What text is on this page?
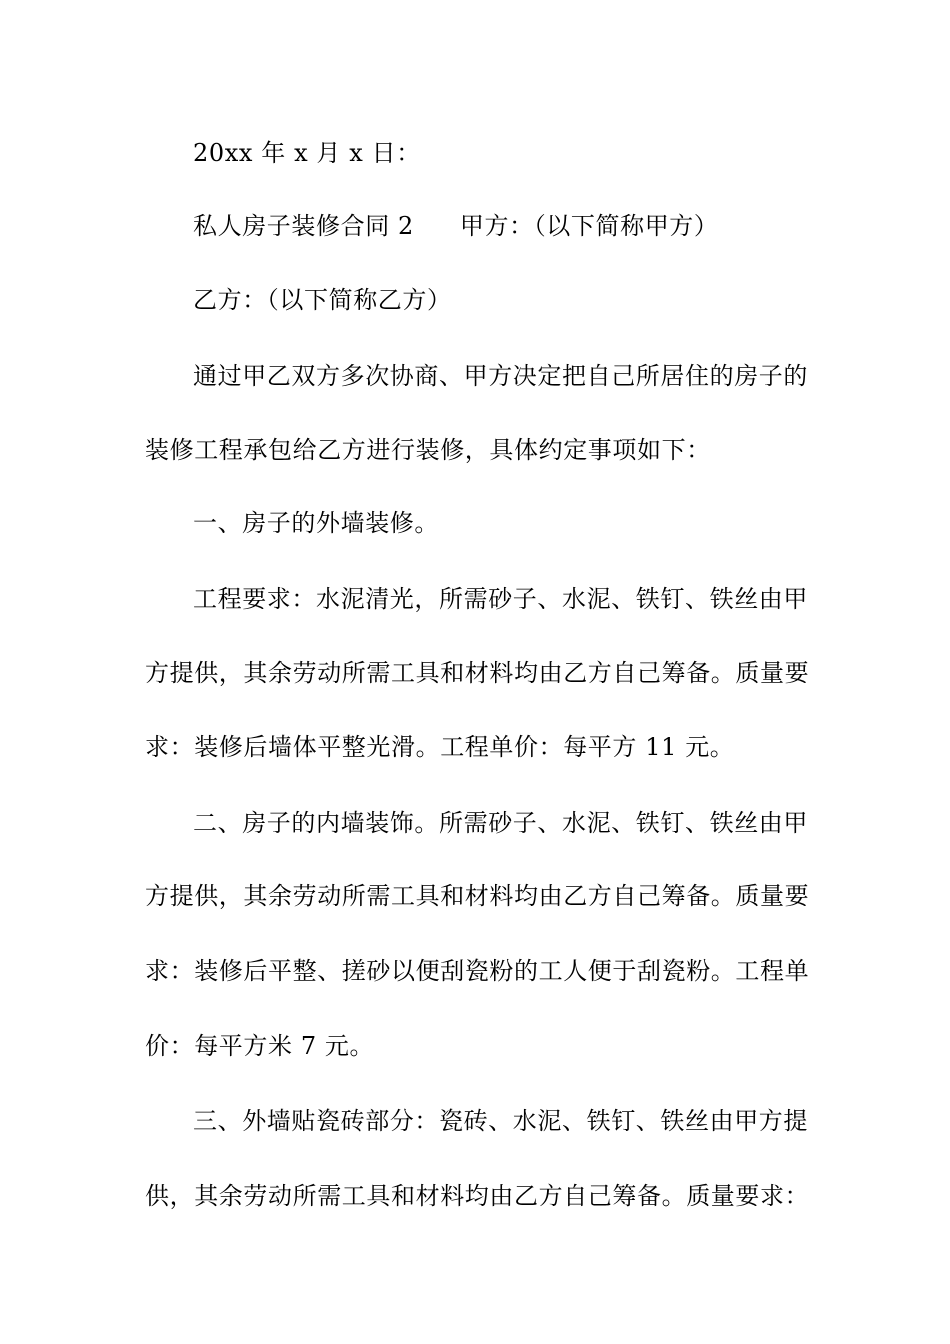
20xx 年 x 月 x 日：
私人房子装修合同 2 甲方：（以下简称甲方）
乙方：（以下简称乙方）
通过甲乙双方多次协商、甲方决定把自己所居住的房子的
装修工程承包给乙方进行装修，具体约定事项如下：
一、房子的外墙装修。
工程要求：水泥清光，所需砂子、水泥、铁钉、铁丝由甲
方提供，其余劳动所需工具和材料均由乙方自己筹备。质量要
求：装修后墙体平整光滑。工程单价：每平方 11 元。
二、房子的内墙装饰。所需砂子、水泥、铁钉、铁丝由甲
方提供，其余劳动所需工具和材料均由乙方自己筹备。质量要
求：装修后平整、搓砂以便刮瓷粉的工人便于刮瓷粉。工程单
价：每平方米 7 元。
三、外墙贴瓷砖部分：瓷砖、水泥、铁钉、铁丝由甲方提
供，其余劳动所需工具和材料均由乙方自己筹备。质量要求：
